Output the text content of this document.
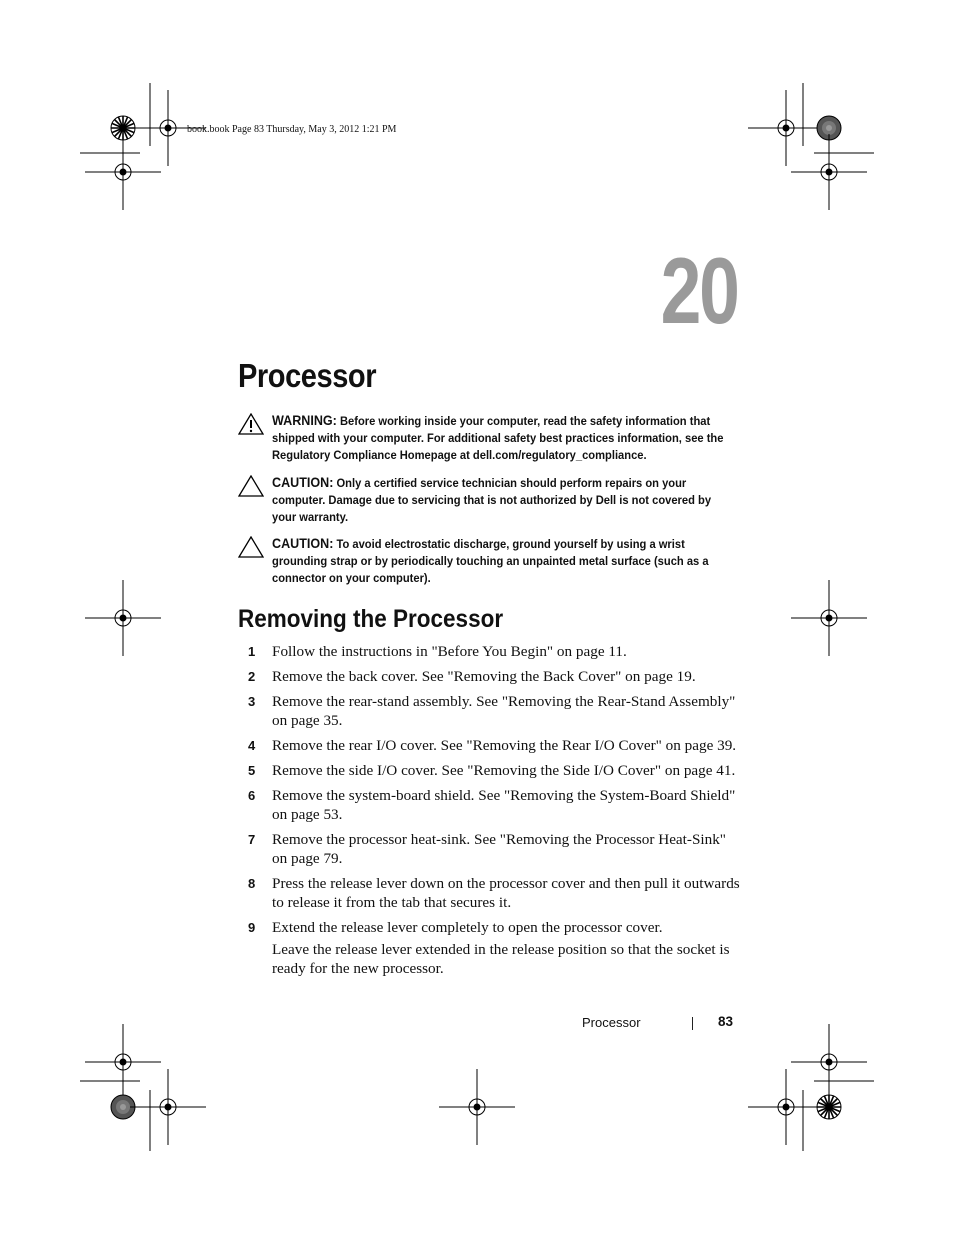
book.book Page 83 Thursday, May 3, 2012 1:21 PM
20
Processor
WARNING: Before working inside your computer, read the safety information that shipped with your computer. For additional safety best practices information, see the Regulatory Compliance Homepage at dell.com/regulatory_compliance.
CAUTION: Only a certified service technician should perform repairs on your computer. Damage due to servicing that is not authorized by Dell is not covered by your warranty.
CAUTION: To avoid electrostatic discharge, ground yourself by using a wrist grounding strap or by periodically touching an unpainted metal surface (such as a connector on your computer).
Removing the Processor
1 Follow the instructions in "Before You Begin" on page 11.
2 Remove the back cover. See "Removing the Back Cover" on page 19.
3 Remove the rear-stand assembly. See "Removing the Rear-Stand Assembly" on page 35.
4 Remove the rear I/O cover. See "Removing the Rear I/O Cover" on page 39.
5 Remove the side I/O cover. See "Removing the Side I/O Cover" on page 41.
6 Remove the system-board shield. See "Removing the System-Board Shield" on page 53.
7 Remove the processor heat-sink. See "Removing the Processor Heat-Sink" on page 79.
8 Press the release lever down on the processor cover and then pull it outwards to release it from the tab that secures it.
9 Extend the release lever completely to open the processor cover.
Leave the release lever extended in the release position so that the socket is ready for the new processor.
Processor	83
